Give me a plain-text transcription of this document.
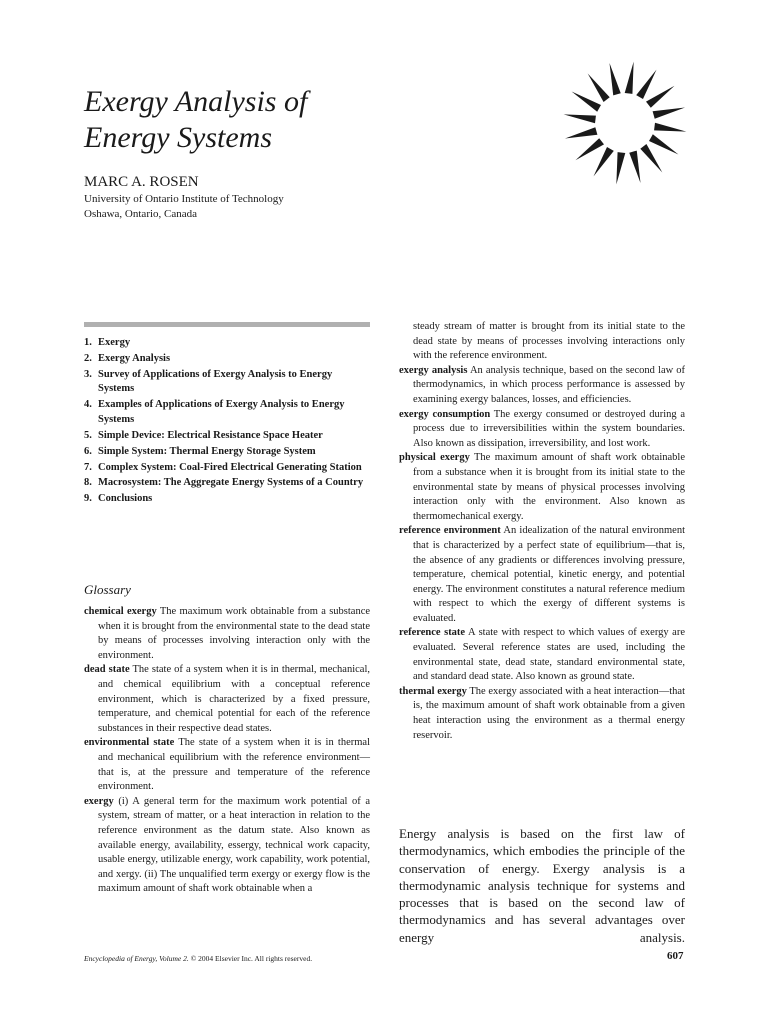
Exergy Analysis of
Energy Systems
MARC A. ROSEN
University of Ontario Institute of Technology
Oshawa, Ontario, Canada
1. Exergy
2. Exergy Analysis
3. Survey of Applications of Exergy Analysis to Energy Systems
4. Examples of Applications of Exergy Analysis to Energy Systems
5. Simple Device: Electrical Resistance Space Heater
6. Simple System: Thermal Energy Storage System
7. Complex System: Coal-Fired Electrical Generating Station
8. Macrosystem: The Aggregate Energy Systems of a Country
9. Conclusions
Glossary

chemical exergy The maximum work obtainable from a substance when it is brought from the environmental state to the dead state by means of processes involving interaction only with the environment.

dead state The state of a system when it is in thermal, mechanical, and chemical equilibrium with a conceptual reference environment, which is characterized by a fixed pressure, temperature, and chemical potential for each of the reference substances in their respective dead states.

environmental state The state of a system when it is in thermal and mechanical equilibrium with the reference environment—that is, at the pressure and temperature of the reference environment.

exergy (i) A general term for the maximum work potential of a system, stream of matter, or a heat interaction in relation to the reference environment as the datum state. Also known as available energy, availability, essergy, technical work capacity, usable energy, utilizable energy, work capability, work potential, and xergy. (ii) The unqualified term exergy or exergy flow is the maximum amount of shaft work obtainable when a

steady stream of matter is brought from its initial state to the dead state by means of processes involving interactions only with the reference environment.

exergy analysis An analysis technique, based on the second law of thermodynamics, in which process performance is assessed by examining exergy balances, losses, and efficiencies.

exergy consumption The exergy consumed or destroyed during a process due to irreversibilities within the system boundaries. Also known as dissipation, irreversibility, and lost work.

physical exergy The maximum amount of shaft work obtainable from a substance when it is brought from its initial state to the environmental state by means of physical processes involving interaction only with the environment. Also known as thermomechanical exergy.

reference environment An idealization of the natural environment that is characterized by a perfect state of equilibrium—that is, the absence of any gradients or differences involving pressure, temperature, chemical potential, kinetic energy, and potential energy. The environment constitutes a natural reference medium with respect to which the exergy of different systems is evaluated.

reference state A state with respect to which values of exergy are evaluated. Several reference states are used, including the environmental state, dead state, standard environmental state, and standard dead state. Also known as ground state.

thermal exergy The exergy associated with a heat interaction—that is, the maximum amount of shaft work obtainable from a given heat interaction using the environment as a thermal energy reservoir.

Energy analysis is based on the first law of thermodynamics, which embodies the principle of the conservation of energy. Exergy analysis is a thermodynamic analysis technique for systems and processes that is based on the second law of thermodynamics and has several advantages over energy analysis.

Encyclopedia of Energy, Volume 2. © 2004 Elsevier Inc. All rights reserved.	607
